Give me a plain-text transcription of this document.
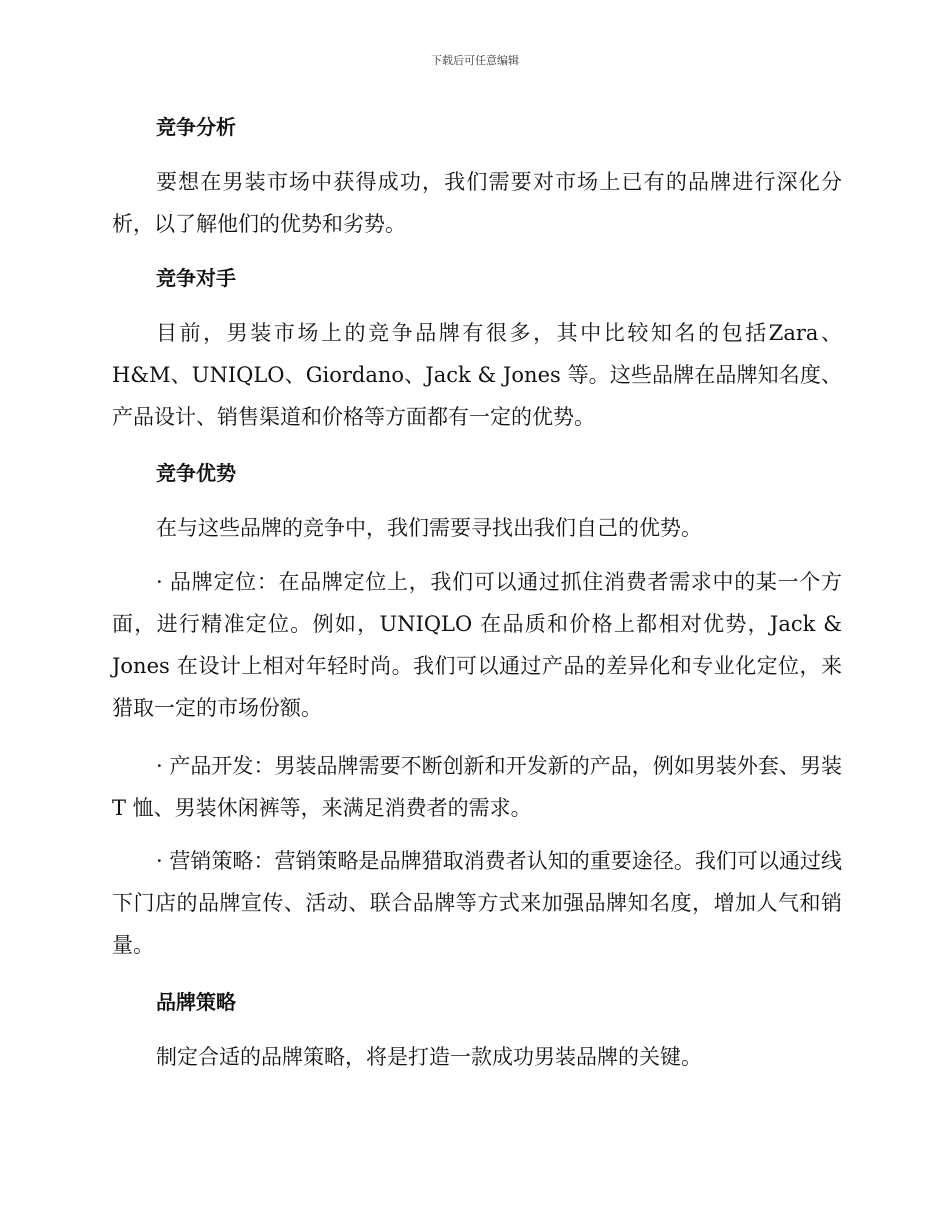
下载后可任意编辑
竞争分析

要想在男装市场中获得成功，我们需要对市场上已有的品牌进行深化分析，以了解他们的优势和劣势。

竞争对手

目前，男装市场上的竞争品牌有很多，其中比较知名的包括Zara、H&M、UNIQLO、Giordano、Jack & Jones 等。这些品牌在品牌知名度、产品设计、销售渠道和价格等方面都有一定的优势。

竞争优势

在与这些品牌的竞争中，我们需要寻找出我们自己的优势。

· 品牌定位：在品牌定位上，我们可以通过抓住消费者需求中的某一个方面，进行精准定位。例如，UNIQLO 在品质和价格上都相对优势，Jack & Jones 在设计上相对年轻时尚。我们可以通过产品的差异化和专业化定位，来猎取一定的市场份额。

· 产品开发：男装品牌需要不断创新和开发新的产品，例如男装外套、男装 T 恤、男装休闲裤等，来满足消费者的需求。

· 营销策略：营销策略是品牌猎取消费者认知的重要途径。我们可以通过线下门店的品牌宣传、活动、联合品牌等方式来加强品牌知名度，增加人气和销量。

品牌策略

制定合适的品牌策略，将是打造一款成功男装品牌的关键。
